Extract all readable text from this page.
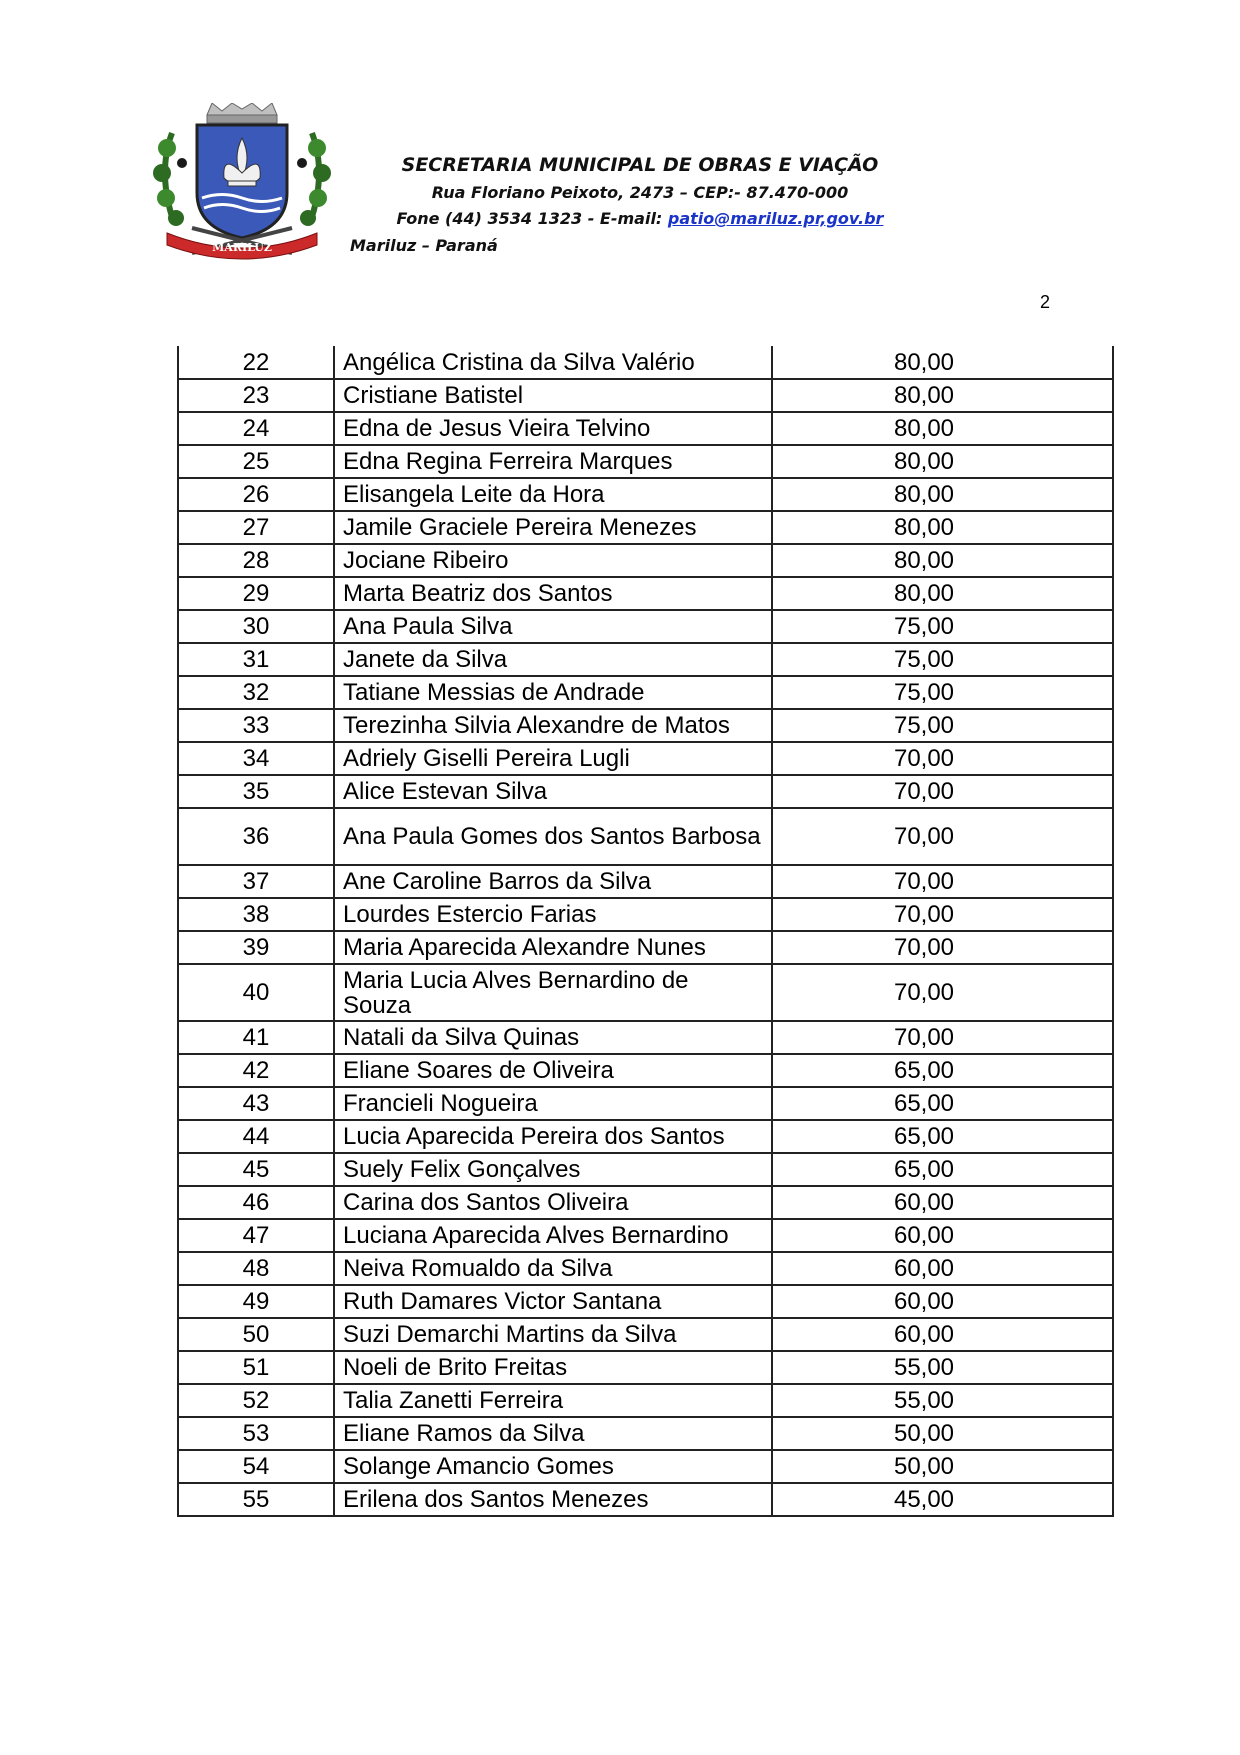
MARILUZ
SECRETARIA MUNICIPAL DE OBRAS E VIAÇÃO
Rua Floriano Peixoto, 2473 – CEP:- 87.470-000
Fone (44) 3534 1323 - E-mail: patio@mariluz.pr,gov.br
Mariluz – Paraná
2
22	Angélica Cristina da Silva Valério	80,00
23	Cristiane Batistel	80,00
24	Edna de Jesus Vieira Telvino	80,00
25	Edna Regina Ferreira Marques	80,00
26	Elisangela Leite da Hora	80,00
27	Jamile Graciele Pereira Menezes	80,00
28	Jociane Ribeiro	80,00
29	Marta Beatriz dos Santos	80,00
30	Ana Paula Silva	75,00
31	Janete da Silva	75,00
32	Tatiane Messias de Andrade	75,00
33	Terezinha Silvia Alexandre de Matos	75,00
34	Adriely Giselli Pereira Lugli	70,00
35	Alice Estevan Silva	70,00
36	Ana Paula Gomes dos Santos Barbosa	70,00
37	Ane Caroline Barros da Silva	70,00
38	Lourdes Estercio Farias	70,00
39	Maria Aparecida Alexandre Nunes	70,00
40	Maria Lucia Alves Bernardino de Souza	70,00
41	Natali da Silva Quinas	70,00
42	Eliane Soares de Oliveira	65,00
43	Francieli Nogueira	65,00
44	Lucia Aparecida Pereira dos Santos	65,00
45	Suely Felix Gonçalves	65,00
46	Carina dos Santos Oliveira	60,00
47	Luciana Aparecida Alves Bernardino	60,00
48	Neiva Romualdo da Silva	60,00
49	Ruth Damares Victor Santana	60,00
50	Suzi Demarchi Martins da Silva	60,00
51	Noeli de Brito Freitas	55,00
52	Talia Zanetti Ferreira	55,00
53	Eliane Ramos da Silva	50,00
54	Solange Amancio Gomes	50,00
55	Erilena dos Santos Menezes	45,00
